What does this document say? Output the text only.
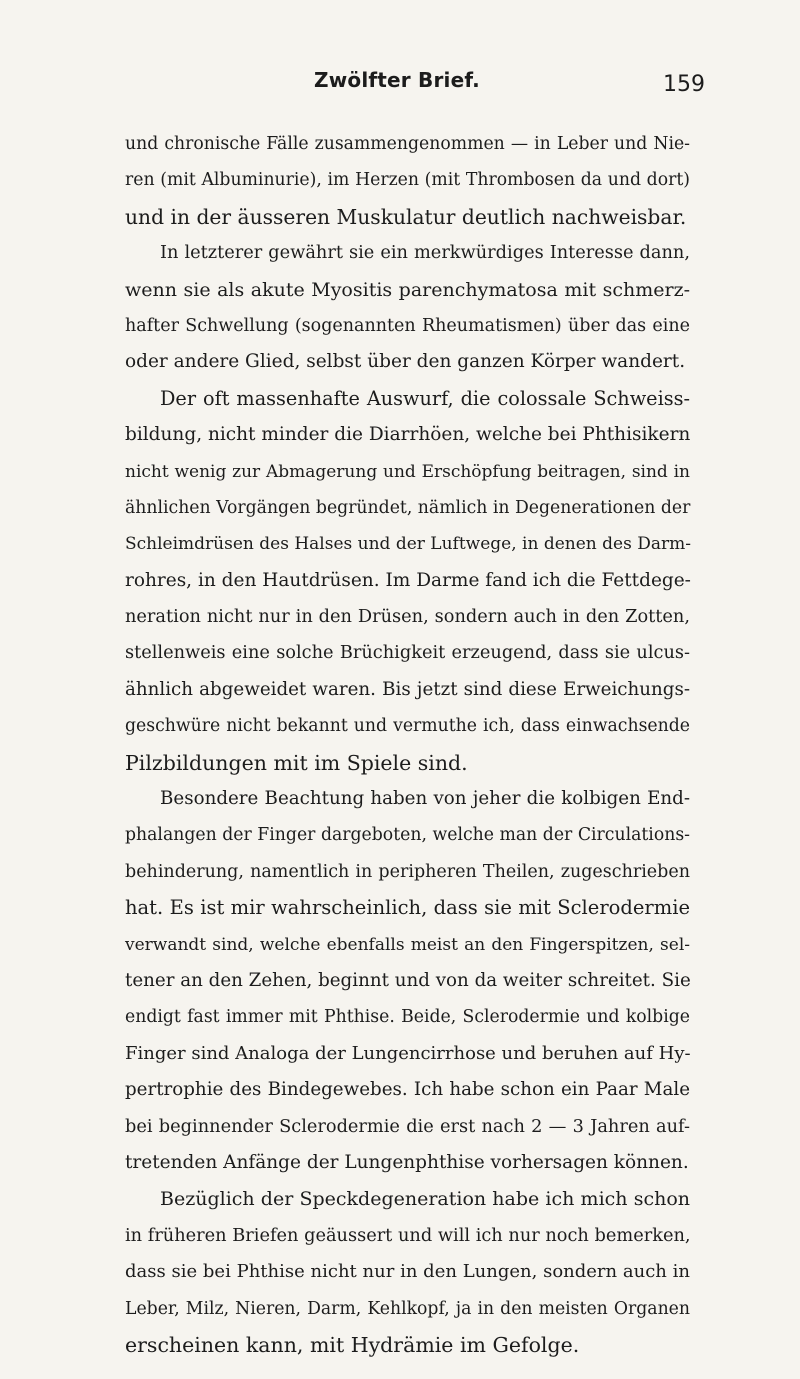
Zwölfter Brief.	159
und chronische Fälle zusammengenommen — in Leber und Nie-
ren (mit Albuminurie), im Herzen (mit Thrombosen da und dort)
und in der äusseren Muskulatur deutlich nachweisbar.
In letzterer gewährt sie ein merkwürdiges Interesse dann,
wenn sie als akute Myositis parenchymatosa mit schmerz-
hafter Schwellung (sogenannten Rheumatismen) über das eine
oder andere Glied, selbst über den ganzen Körper wandert.
Der oft massenhafte Auswurf, die colossale Schweiss-
bildung, nicht minder die Diarrhöen, welche bei Phthisikern
nicht wenig zur Abmagerung und Erschöpfung beitragen, sind in
ähnlichen Vorgängen begründet, nämlich in Degenerationen der
Schleimdrüsen des Halses und der Luftwege, in denen des Darm-
rohres, in den Hautdrüsen. Im Darme fand ich die Fettdege-
neration nicht nur in den Drüsen, sondern auch in den Zotten,
stellenweis eine solche Brüchigkeit erzeugend, dass sie ulcus-
ähnlich abgeweidet waren. Bis jetzt sind diese Erweichungs-
geschwüre nicht bekannt und vermuthe ich, dass einwachsende
Pilzbildungen mit im Spiele sind.
Besondere Beachtung haben von jeher die kolbigen End-
phalangen der Finger dargeboten, welche man der Circulations-
behinderung, namentlich in peripheren Theilen, zugeschrieben
hat. Es ist mir wahrscheinlich, dass sie mit Sclerodermie
verwandt sind, welche ebenfalls meist an den Fingerspitzen, sel-
tener an den Zehen, beginnt und von da weiter schreitet. Sie
endigt fast immer mit Phthise. Beide, Sclerodermie und kolbige
Finger sind Analoga der Lungencirrhose und beruhen auf Hy-
pertrophie des Bindegewebes. Ich habe schon ein Paar Male
bei beginnender Sclerodermie die erst nach 2 — 3 Jahren auf-
tretenden Anfänge der Lungenphthise vorhersagen können.
Bezüglich der Speckdegeneration habe ich mich schon
in früheren Briefen geäussert und will ich nur noch bemerken,
dass sie bei Phthise nicht nur in den Lungen, sondern auch in
Leber, Milz, Nieren, Darm, Kehlkopf, ja in den meisten Organen
erscheinen kann, mit Hydrämie im Gefolge.
